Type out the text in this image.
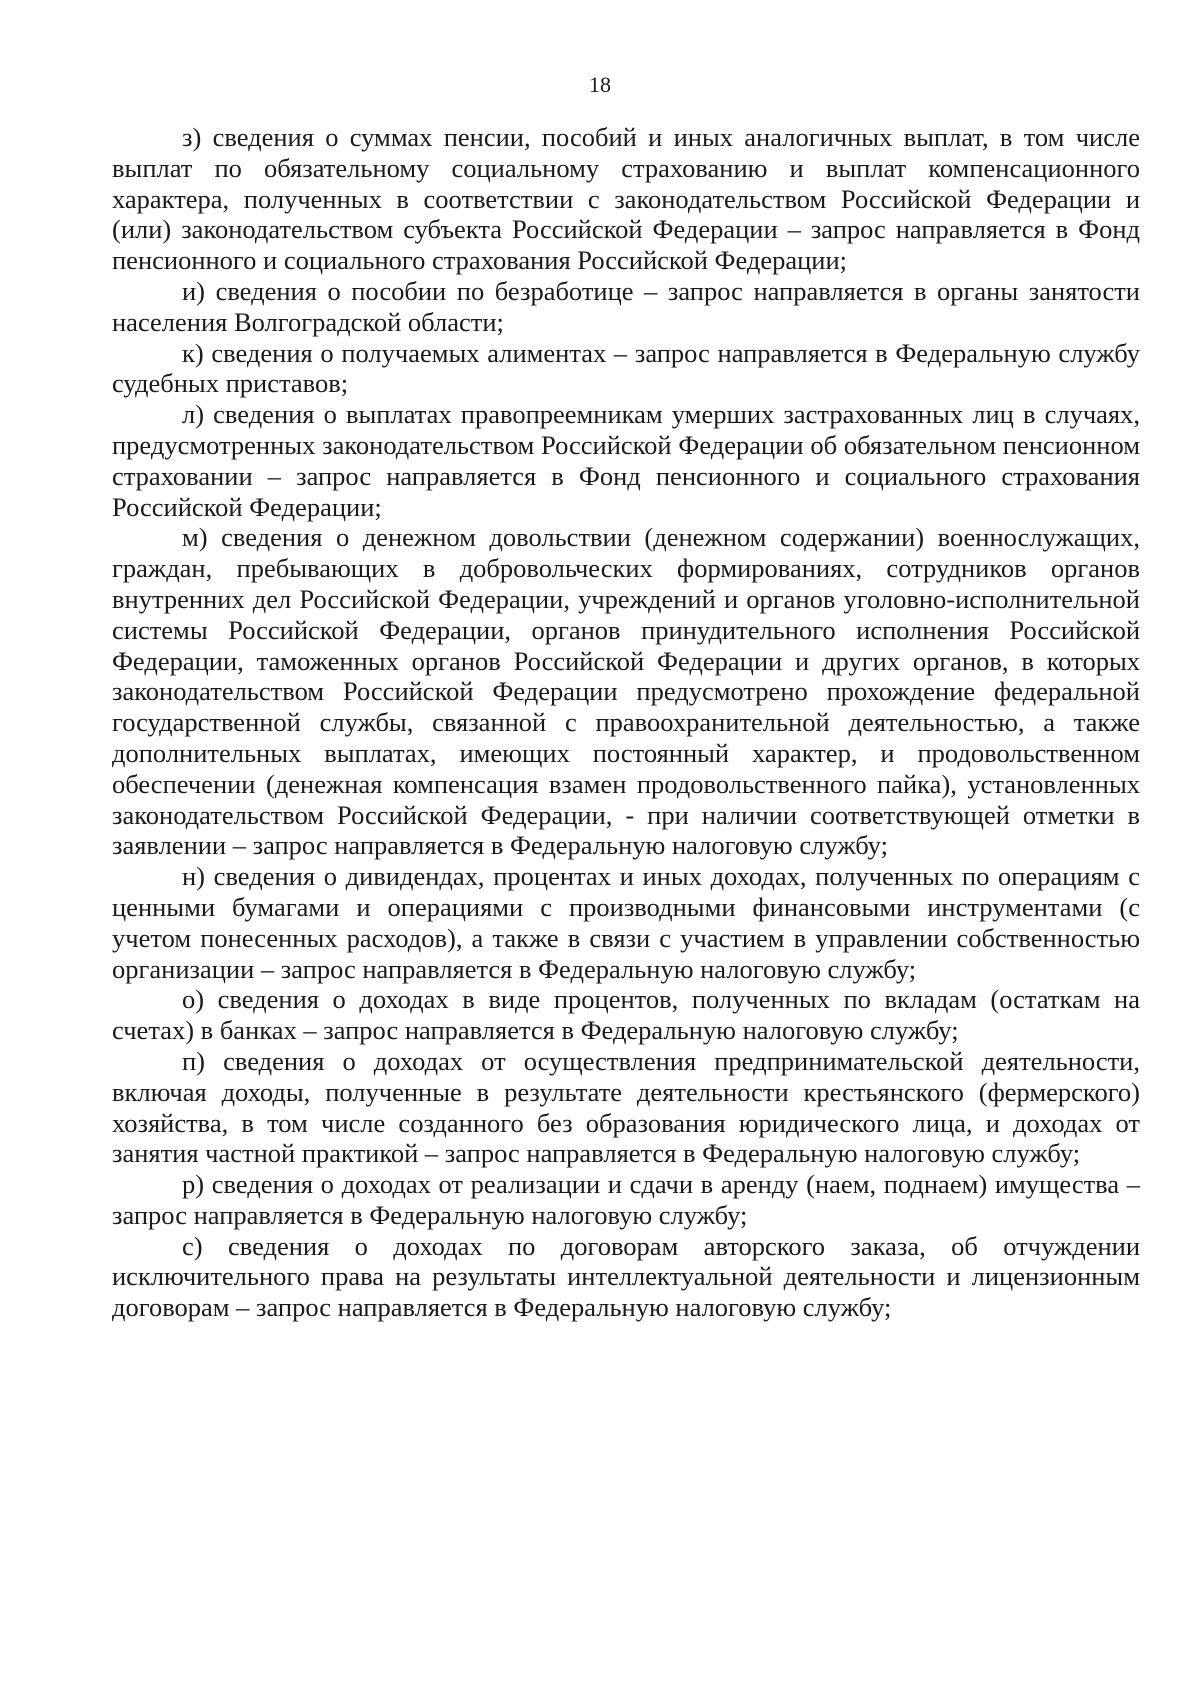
18

з) сведения о суммах пенсии, пособий и иных аналогичных выплат, в том числе выплат по обязательному социальному страхованию и выплат компенсационного характера, полученных в соответствии с законодательством Российской Федерации и (или) законодательством субъекта Российской Федерации – запрос направляется в Фонд пенсионного и социального страхования Российской Федерации;

и) сведения о пособии по безработице – запрос направляется в органы занятости населения Волгоградской области;

к) сведения о получаемых алиментах – запрос направляется в Федеральную службу судебных приставов;

л) сведения о выплатах правопреемникам умерших застрахованных лиц в случаях, предусмотренных законодательством Российской Федерации об обязательном пенсионном страховании – запрос направляется в Фонд пенсионного и социального страхования Российской Федерации;

м) сведения о денежном довольствии (денежном содержании) военнослужащих, граждан, пребывающих в добровольческих формированиях, сотрудников органов внутренних дел Российской Федерации, учреждений и органов уголовно-исполнительной системы Российской Федерации, органов принудительного исполнения Российской Федерации, таможенных органов Российской Федерации и других органов, в которых законодательством Российской Федерации предусмотрено прохождение федеральной государственной службы, связанной с правоохранительной деятельностью, а также дополнительных выплатах, имеющих постоянный характер, и продовольственном обеспечении (денежная компенсация взамен продовольственного пайка), установленных законодательством Российской Федерации, - при наличии соответствующей отметки в заявлении – запрос направляется в Федеральную налоговую службу;

н) сведения о дивидендах, процентах и иных доходах, полученных по операциям с ценными бумагами и операциями с производными финансовыми инструментами (с учетом понесенных расходов), а также в связи с участием в управлении собственностью организации – запрос направляется в Федеральную налоговую службу;

о) сведения о доходах в виде процентов, полученных по вкладам (остаткам на счетах) в банках – запрос направляется в Федеральную налоговую службу;

п) сведения о доходах от осуществления предпринимательской деятельности, включая доходы, полученные в результате деятельности крестьянского (фермерского) хозяйства, в том числе созданного без образования юридического лица, и доходах от занятия частной практикой – запрос направляется в Федеральную налоговую службу;

р) сведения о доходах от реализации и сдачи в аренду (наем, поднаем) имущества – запрос направляется в Федеральную налоговую службу;

с) сведения о доходах по договорам авторского заказа, об отчуждении исключительного права на результаты интеллектуальной деятельности и лицензионным договорам – запрос направляется в Федеральную налоговую службу;
